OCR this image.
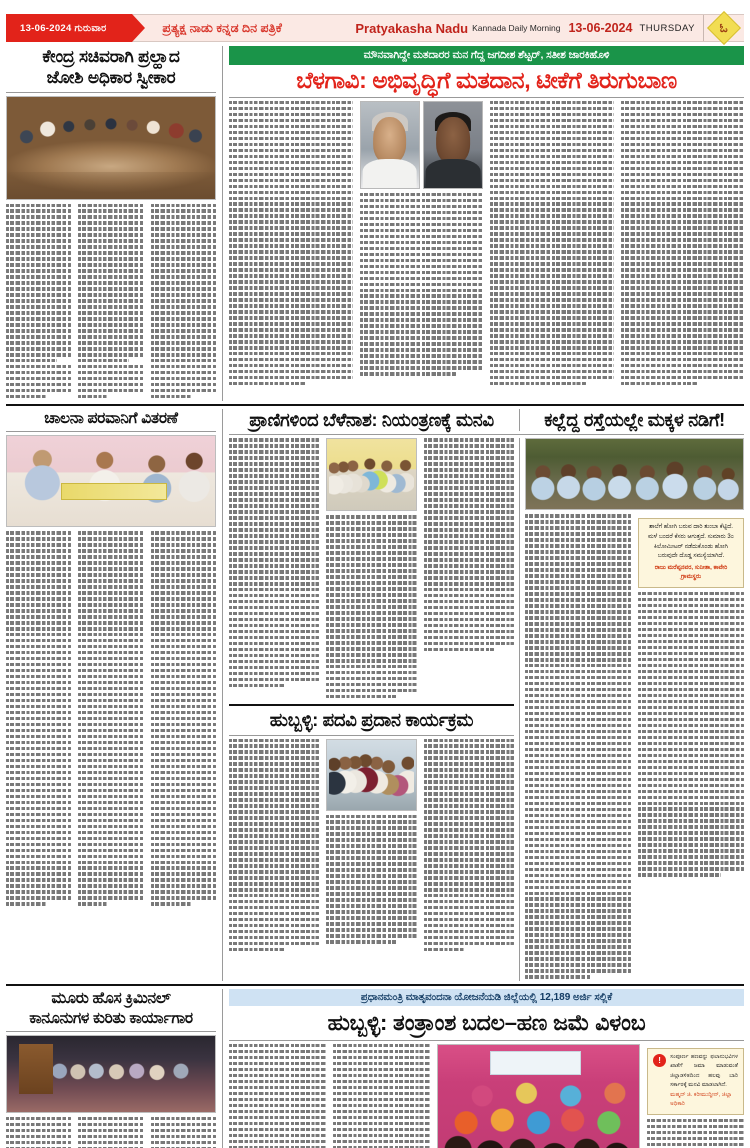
13-06-2024 ಗುರುವಾರ	ಪ್ರತ್ಯಕ್ಷ ನಾಡು ಕನ್ನಡ ದಿನ ಪತ್ರಿಕೆ	Pratyakasha Nadu Kannada Daily Morning 13-06-2024 THURSDAY ಓ
ಕೇಂದ್ರ ಸಚಿವರಾಗಿ ಪ್ರಲ್ಹಾದ
ಜೋಶಿ ಅಧಿಕಾರ ಸ್ವೀಕಾರ
ಮೌನವಾಗಿದ್ದೇ ಮತದಾರರ ಮನ ಗೆದ್ದ ಜಗದೀಶ ಶೆಟ್ಟರ್, ಸತೀಶ ಜಾರಕಿಹೊಳಿ
ಬೆಳಗಾವಿ: ಅಭಿವೃದ್ಧಿಗೆ ಮತದಾನ, ಟೀಕೆಗೆ ತಿರುಗುಬಾಣ
ಚಾಲನಾ ಪರವಾನಿಗೆ ವಿತರಣೆ	ಪ್ರಾಣಿಗಳಿಂದ ಬೆಳೆನಾಶ: ನಿಯಂತ್ರಣಕ್ಕೆ ಮನವಿ	ಕಲ್ಲೆದ್ದ ರಸ್ತೆಯಲ್ಲೇ ಮಕ್ಕಳ ನಡಿಗೆ!
ಹುಬ್ಬಳ್ಳಿ: ಪದವಿ ಪ್ರದಾನ ಕಾರ್ಯಕ್ರಮ
ಶಾಲೆಗೆ ಹೋಗಿ ಬರುವ ದಾರಿ ತುಂಬಾ ಕೆಟ್ಟಿದೆ. ಮಳೆ ಬಂದರೆ ಕೆಸರು ಆಗುತ್ತದೆ. ಸುಮಾರು 3೦ ಕಿಲೋಮೀಟರ್ ನಡೆದುಕೊಂಡು ಹೋಗಿ ಬರುವುದೇ ದೊಡ್ಡ ಸಮಸ್ಯೆಯಾಗಿದೆ.
ರಾಜು ಮರೆಪ್ಪನವರ, ಸುನೀತಾ, ಕಾವೇರಿ ಗ್ರಾಮಸ್ಥರು
ಮೂರು ಹೊಸ ಕ್ರಿಮಿನಲ್
ಕಾನೂನುಗಳ ಕುರಿತು ಕಾರ್ಯಾಗಾರ
ಪ್ರಧಾನಮಂತ್ರಿ ಮಾತೃವಂದನಾ ಯೋಜನೆಯಡಿ ಜಿಲ್ಲೆಯಲ್ಲಿ 12,189 ಅರ್ಜಿ ಸಲ್ಲಿಕೆ
ಹುಬ್ಬಳ್ಳಿ: ತಂತ್ರಾಂಶ ಬದಲ–ಹಣ ಜಮೆ ವಿಳಂಬ
!	ಸಂಪೂರ್ಣ ಹಣವನ್ನು ಫಲಾನುಭವಿಗಳ ಖಾತೆಗೆ ಜಮಾ ಮಾಡುವಂತೆ ಜಿಲ್ಲಾಡಳಿತದಿಂದ ಹಲವು ಬಾರಿ ಸರ್ಕಾರಕ್ಕೆ ಮನವಿ ಮಾಡಲಾಗಿದೆ.
ಮಹ್ಮದ್ ಜಿ. ಕರೀಮುದ್ದೀನ್, ಜಿಲ್ಲಾ ಅಧಿಕಾರಿ
